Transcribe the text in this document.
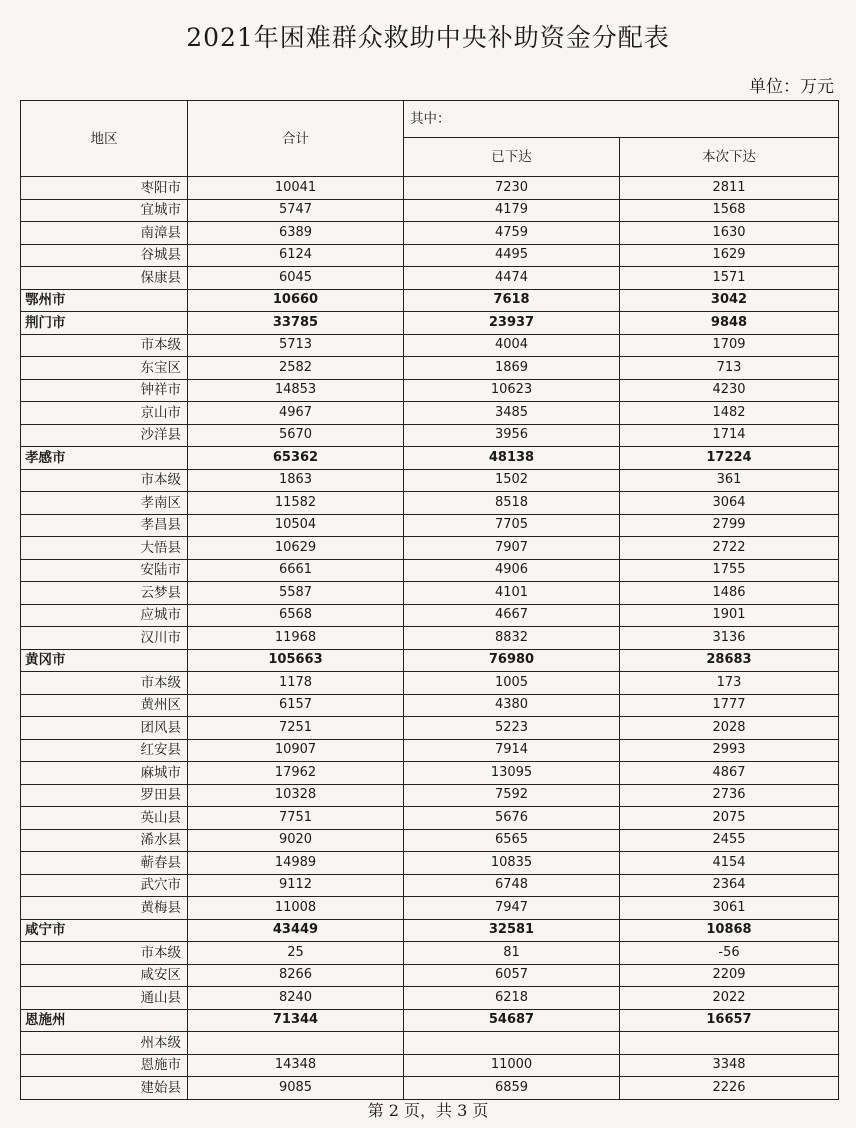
2021年困难群众救助中央补助资金分配表
单位：万元
地区	合计	其中：	
		已下达	本次下达
枣阳市	10041	7230	2811
宜城市	5747	4179	1568
南漳县	6389	4759	1630
谷城县	6124	4495	1629
保康县	6045	4474	1571
鄂州市	10660	7618	3042
荆门市	33785	23937	9848
市本级	5713	4004	1709
东宝区	2582	1869	713
钟祥市	14853	10623	4230
京山市	4967	3485	1482
沙洋县	5670	3956	1714
孝感市	65362	48138	17224
市本级	1863	1502	361
孝南区	11582	8518	3064
孝昌县	10504	7705	2799
大悟县	10629	7907	2722
安陆市	6661	4906	1755
云梦县	5587	4101	1486
应城市	6568	4667	1901
汉川市	11968	8832	3136
黄冈市	105663	76980	28683
市本级	1178	1005	173
黄州区	6157	4380	1777
团风县	7251	5223	2028
红安县	10907	7914	2993
麻城市	17962	13095	4867
罗田县	10328	7592	2736
英山县	7751	5676	2075
浠水县	9020	6565	2455
蕲春县	14989	10835	4154
武穴市	9112	6748	2364
黄梅县	11008	7947	3061
咸宁市	43449	32581	10868
市本级	25	81	-56
咸安区	8266	6057	2209
通山县	8240	6218	2022
恩施州	71344	54687	16657
州本级			
恩施市	14348	11000	3348
建始县	9085	6859	2226
第 2 页，共 3 页
